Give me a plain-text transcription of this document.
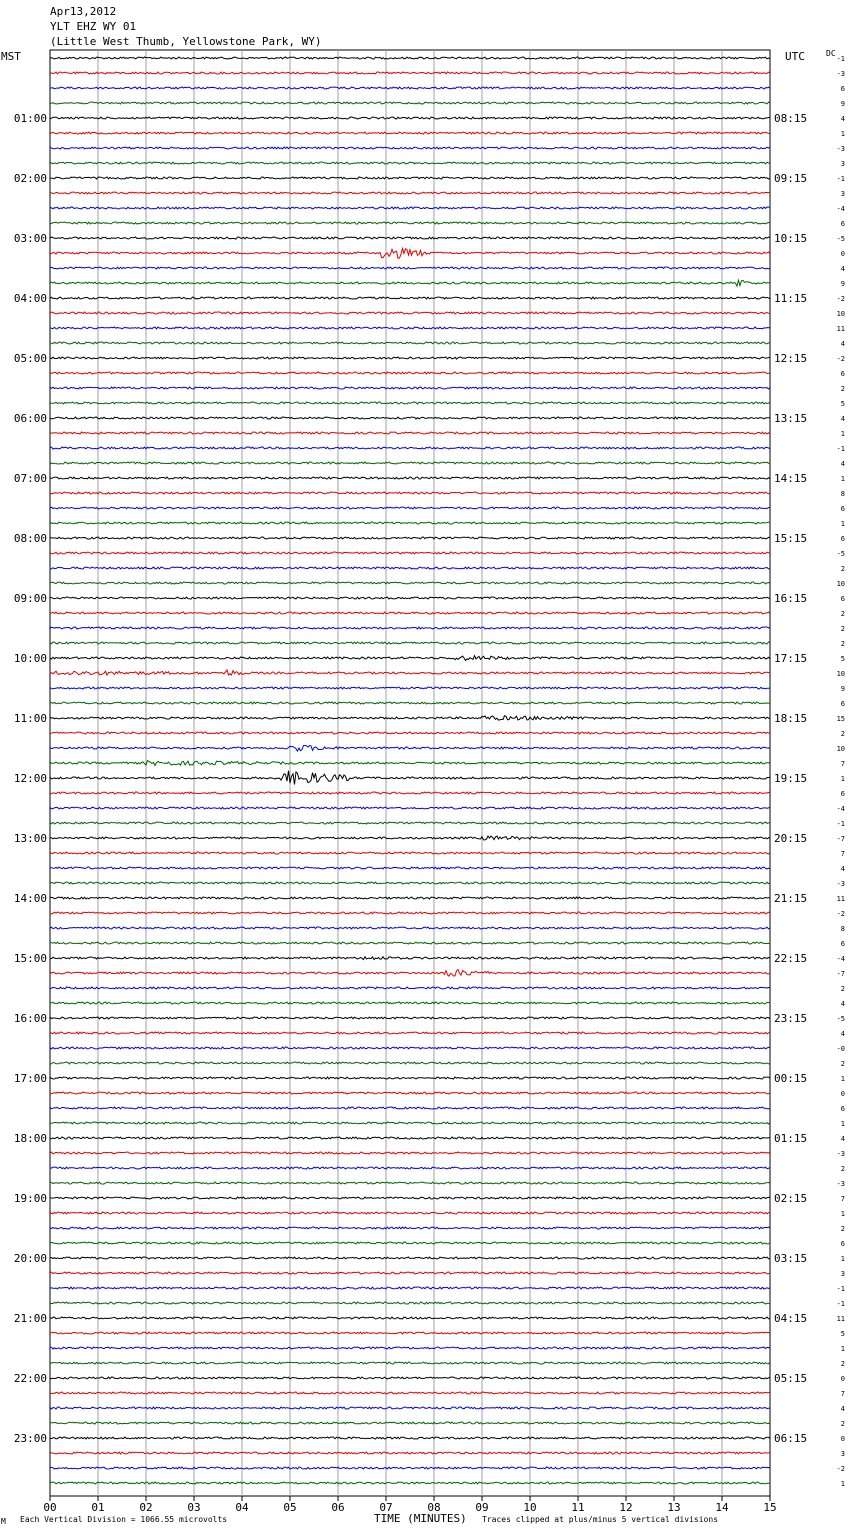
Apr13,2012
YLT EHZ WY 01
(Little West Thumb, Yellowstone Park, WY)
MST	UTC	DC
00	01	02	03	04	05	06	07	08	09	10	11	12	13	14	15
-1
-3
6
9
4
01:00	08:15
1
-3
3
-1
02:00	09:15
3
-4
6
-5
03:00	10:15
0
4
9
-2
04:00	11:15
10
11
4
-2
05:00	12:15
6
2
5
4
06:00	13:15
1
-1
4
1
07:00	14:15
8
6
1
6
08:00	15:15
-5
2
10
6
09:00	16:15
2
2
2
5
10:00	17:15
10
9
6
15
11:00	18:15
2
10
7
1
12:00	19:15
6
-4
-1
-7
13:00	20:15
7
4
-3
11
14:00	21:15
-2
8
6
-4
15:00	22:15
-7
2
4
-5
16:00	23:15
4
-0
2
1
17:00	00:15
0
6
1
4
18:00	01:15
-3
2
-3
7
19:00	02:15
1
2
6
1
20:00	03:15
3
-1
-1
11
21:00	04:15
5
1
2
0
22:00	05:15
7
4
2
0
23:00	06:15
3
-2
1
M Each Vertical Division = 1066.55 microvolts	TIME (MINUTES) Traces clipped at plus/minus 5 vertical divisions
